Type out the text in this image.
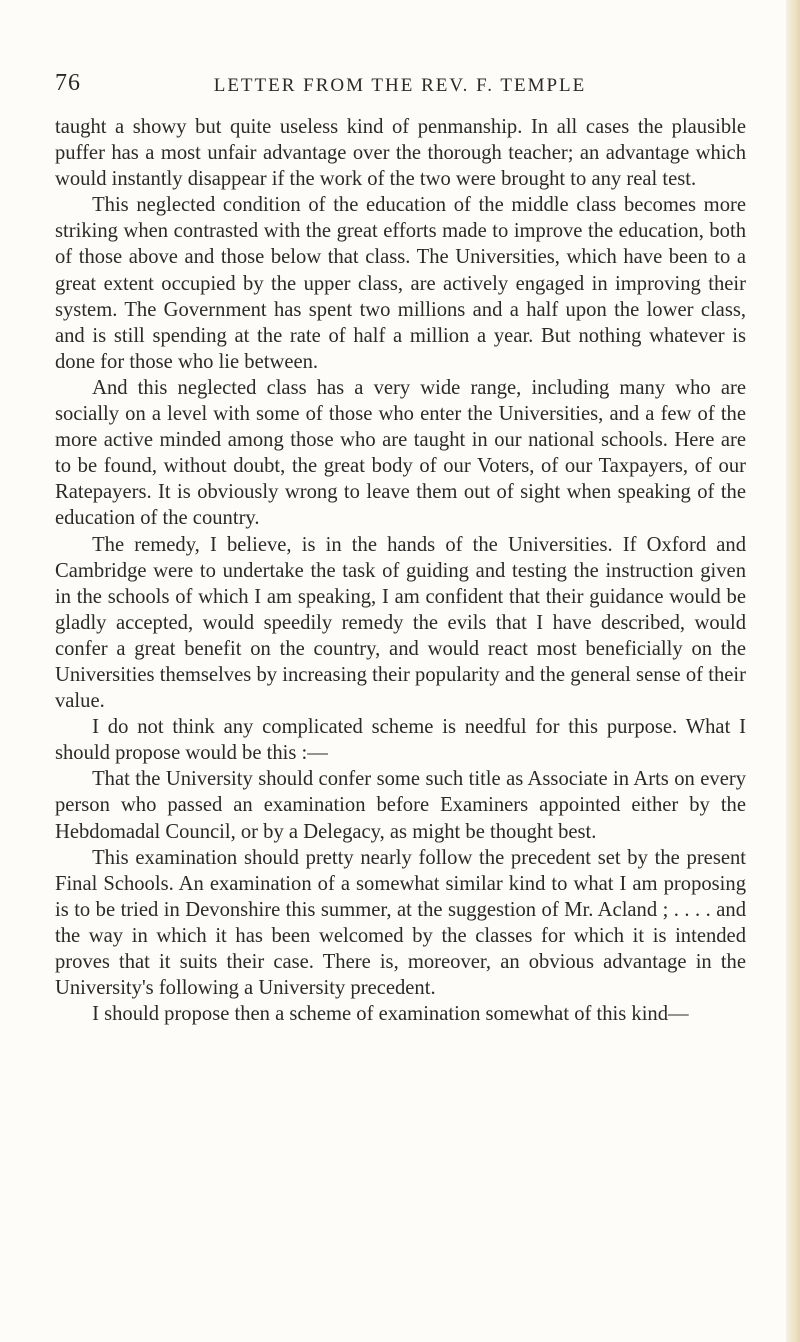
76	LETTER FROM THE REV. F. TEMPLE

taught a showy but quite useless kind of penmanship. In all cases the plausible puffer has a most unfair advantage over the thorough teacher; an advantage which would instantly disappear if the work of the two were brought to any real test.

This neglected condition of the education of the middle class becomes more striking when contrasted with the great efforts made to improve the education, both of those above and those below that class. The Universities, which have been to a great extent occupied by the upper class, are actively engaged in improving their system. The Government has spent two millions and a half upon the lower class, and is still spending at the rate of half a million a year. But nothing whatever is done for those who lie between.

And this neglected class has a very wide range, including many who are socially on a level with some of those who enter the Universities, and a few of the more active minded among those who are taught in our national schools. Here are to be found, without doubt, the great body of our Voters, of our Taxpayers, of our Ratepayers. It is obviously wrong to leave them out of sight when speaking of the education of the country.

The remedy, I believe, is in the hands of the Universities. If Oxford and Cambridge were to undertake the task of guiding and testing the instruction given in the schools of which I am speaking, I am confident that their guidance would be gladly accepted, would speedily remedy the evils that I have described, would confer a great benefit on the country, and would react most beneficially on the Universities themselves by increasing their popularity and the general sense of their value.

I do not think any complicated scheme is needful for this purpose. What I should propose would be this :—

That the University should confer some such title as Associate in Arts on every person who passed an examination before Examiners appointed either by the Hebdomadal Council, or by a Delegacy, as might be thought best.

This examination should pretty nearly follow the precedent set by the present Final Schools. An examination of a somewhat similar kind to what I am proposing is to be tried in Devonshire this summer, at the suggestion of Mr. Acland ; . . . . and the way in which it has been welcomed by the classes for which it is intended proves that it suits their case. There is, moreover, an obvious advantage in the University's following a University precedent.

I should propose then a scheme of examination somewhat of this kind—
